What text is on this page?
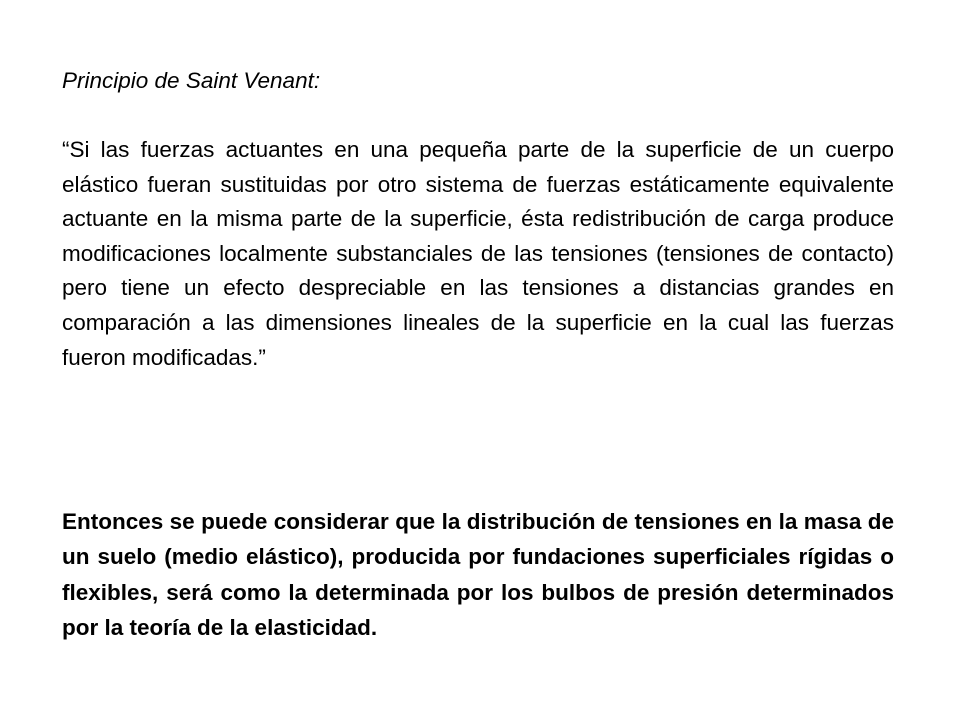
Principio de Saint Venant:

“Si las fuerzas actuantes en una pequeña parte de la superficie de un cuerpo elástico fueran sustituidas por otro sistema de fuerzas estáticamente equivalente actuante en la misma parte de la superficie, ésta redistribución de carga produce modificaciones localmente substanciales de las tensiones (tensiones de contacto) pero tiene un efecto despreciable en las tensiones a distancias grandes en comparación a las dimensiones lineales de la superficie en la cual las fuerzas fueron modificadas.”

Entonces se puede considerar que la distribución de tensiones en la masa de un suelo (medio elástico), producida por fundaciones superficiales rígidas o flexibles, será como la determinada por los bulbos de presión determinados por la teoría de la elasticidad.
